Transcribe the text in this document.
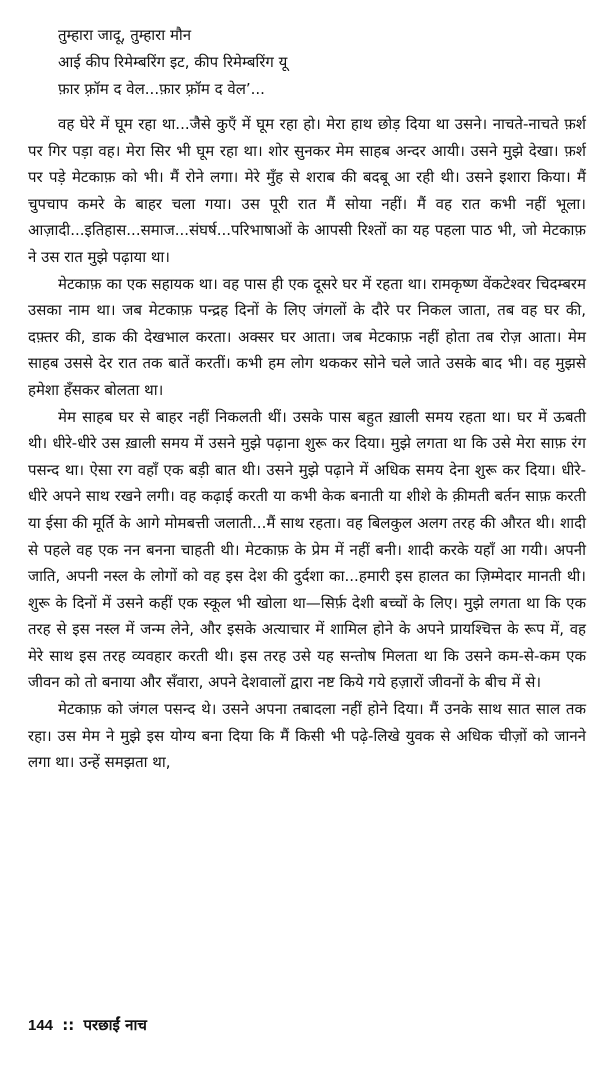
तुम्हारा जादू, तुम्हारा मौन
आई कीप रिमेम्बरिंग इट, कीप रिमेम्बरिंग यू
फ़ार फ़्रॉम द वेल...फ़ार फ़्रॉम द वेल’...

वह घेरे में घूम रहा था...जैसे कुएँ में घूम रहा हो। मेरा हाथ छोड़ दिया था उसने। नाचते-नाचते फ़र्श पर गिर पड़ा वह। मेरा सिर भी घूम रहा था। शोर सुनकर मेम साहब अन्दर आयी। उसने मुझे देखा। फ़र्श पर पड़े मेटकाफ़ को भी। मैं रोने लगा। मेरे मुँह से शराब की बदबू आ रही थी। उसने इशारा किया। मैं चुपचाप कमरे के बाहर चला गया। उस पूरी रात मैं सोया नहीं। मैं वह रात कभी नहीं भूला। आज़ादी...इतिहास...समाज...संघर्ष...परिभाषाओं के आपसी रिश्तों का यह पहला पाठ भी, जो मेटकाफ़ ने उस रात मुझे पढ़ाया था।

मेटकाफ़ का एक सहायक था। वह पास ही एक दूसरे घर में रहता था। रामकृष्ण वेंकटेश्वर चिदम्बरम उसका नाम था। जब मेटकाफ़ पन्द्रह दिनों के लिए जंगलों के दौरे पर निकल जाता, तब वह घर की, दफ़्तर की, डाक की देखभाल करता। अक्सर घर आता। जब मेटकाफ़ नहीं होता तब रोज़ आता। मेम साहब उससे देर रात तक बातें करतीं। कभी हम लोग थककर सोने चले जाते उसके बाद भी। वह मुझसे हमेशा हँसकर बोलता था।

मेम साहब घर से बाहर नहीं निकलती थीं। उसके पास बहुत ख़ाली समय रहता था। घर में ऊबती थी। धीरे-धीरे उस ख़ाली समय में उसने मुझे पढ़ाना शुरू कर दिया। मुझे लगता था कि उसे मेरा साफ़ रंग पसन्द था। ऐसा रग वहाँ एक बड़ी बात थी। उसने मुझे पढ़ाने में अधिक समय देना शुरू कर दिया। धीरे-धीरे अपने साथ रखने लगी। वह कढ़ाई करती या कभी केक बनाती या शीशे के क़ीमती बर्तन साफ़ करती या ईसा की मूर्ति के आगे मोमबत्ती जलाती...मैं साथ रहता। वह बिलकुल अलग तरह की औरत थी। शादी से पहले वह एक नन बनना चाहती थी। मेटकाफ़ के प्रेम में नहीं बनी। शादी करके यहाँ आ गयी। अपनी जाति, अपनी नस्ल के लोगों को वह इस देश की दुर्दशा का...हमारी इस हालत का ज़िम्मेदार मानती थी। शुरू के दिनों में उसने कहीं एक स्कूल भी खोला था—सिर्फ़ देशी बच्चों के लिए। मुझे लगता था कि एक तरह से इस नस्ल में जन्म लेने, और इसके अत्याचार में शामिल होने के अपने प्रायश्चित्त के रूप में, वह मेरे साथ इस तरह व्यवहार करती थी। इस तरह उसे यह सन्तोष मिलता था कि उसने कम-से-कम एक जीवन को तो बनाया और सँवारा, अपने देशवालों द्वारा नष्ट किये गये हज़ारों जीवनों के बीच में से।

मेटकाफ़ को जंगल पसन्द थे। उसने अपना तबादला नहीं होने दिया। मैं उनके साथ सात साल तक रहा। उस मेम ने मुझे इस योग्य बना दिया कि मैं किसी भी पढ़े-लिखे युवक से अधिक चीज़ों को जानने लगा था। उन्हें समझता था,

144 :: परछाईं नाच
